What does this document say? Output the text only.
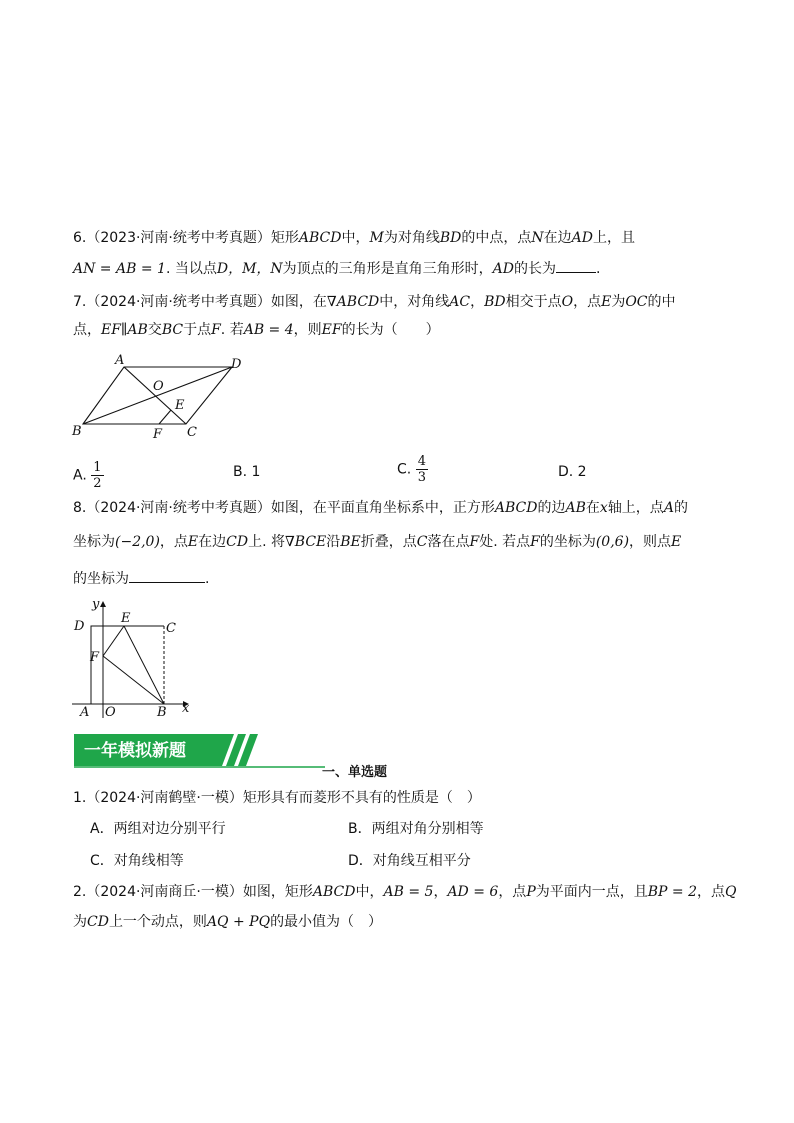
6.（2023·河南·统考中考真题）矩形ABCD中，M为对角线BD的中点，点N在边AD上，且
AN = AB = 1. 当以点D，M，N为顶点的三角形是直角三角形时，AD的长为	.
7.（2024·河南·统考中考真题）如图，在∇ABCD中，对角线AC，BD相交于点O，点E为OC的中
点，EF∥AB交BC于点F. 若AB = 4，则EF的长为（　　）
A	D
O
E
B	F C
A. $\frac{1}{2}$	B. 1	C. $\frac{4}{3}$	D. 2
8.（2024·河南·统考中考真题）如图，在平面直角坐标系中，正方形ABCD的边AB在x轴上，点A的
坐标为(−2,0)，点E在边CD上. 将∇BCE沿BE折叠，点C落在点F处. 若点F的坐标为(0,6)，则点E
的坐标为	.
y
D
E
C
F
A O	B x
一年模拟新题
一、单选题
1.（2024·河南鹤壁·一模）矩形具有而菱形不具有的性质是（　）
A．两组对边分别平行	B．两组对角分别相等
C．对角线相等	D．对角线互相平分
2.（2024·河南商丘·一模）如图，矩形ABCD中，AB = 5，AD = 6，点P为平面内一点，且BP = 2，点Q
为CD上一个动点，则AQ + PQ的最小值为（　）
